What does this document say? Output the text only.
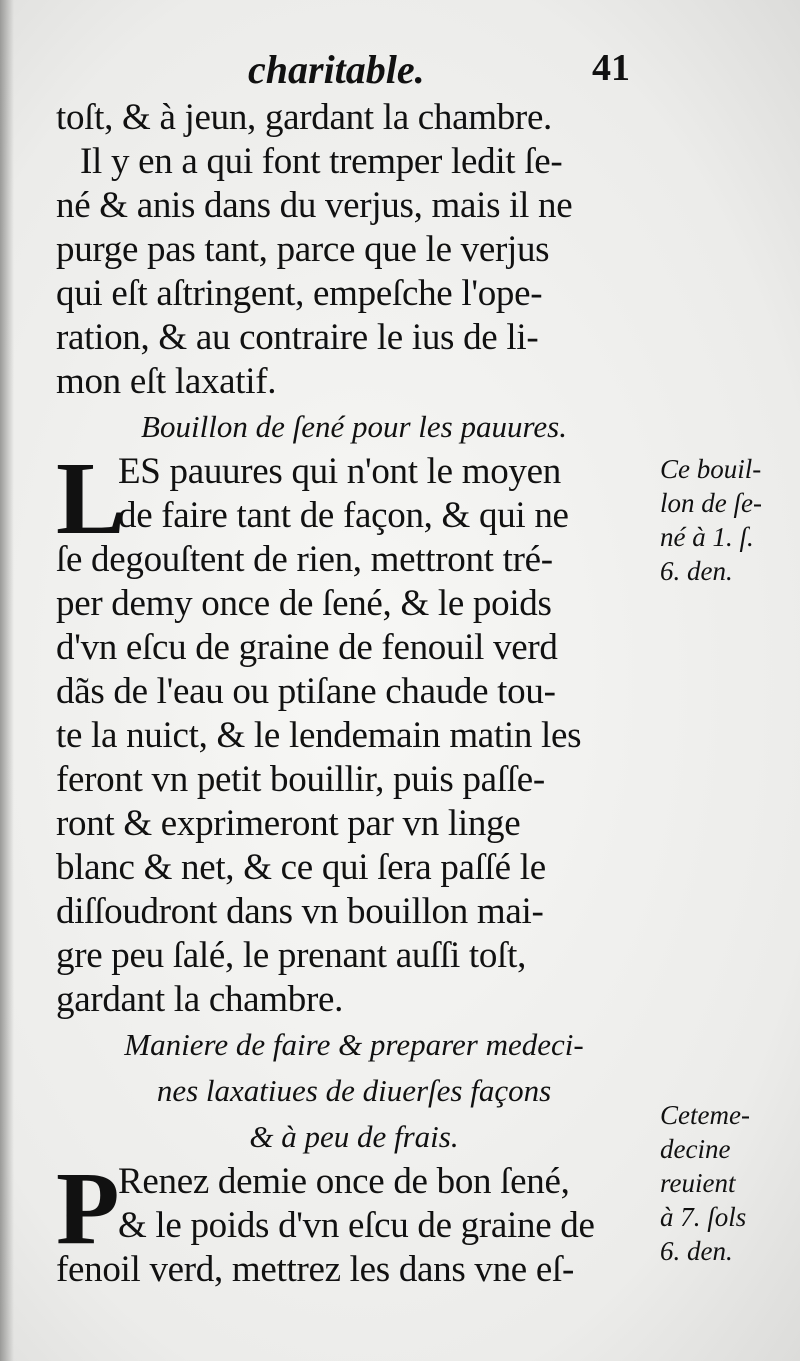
charitable.	41
toſt, & à jeun, gardant la chambre.
Il y en a qui font tremper ledit ſe-
né & anis dans du verjus, mais il ne
purge pas tant, parce que le verjus
qui eſt aſtringent, empeſche l'ope-
ration, & au contraire le ius de li-
mon eſt laxatif.
Bouillon de ſené pour les pauures.
L
ES pauures qui n'ont le moyen
de faire tant de façon, & qui ne
ſe degouſtent de rien, mettront tré-
per demy once de ſené, & le poids
d'vn eſcu de graine de fenouil verd
dãs de l'eau ou ptiſane chaude tou-
te la nuict, & le lendemain matin les
feront vn petit bouillir, puis paſſe-
ront & exprimeront par vn linge
blanc & net, & ce qui ſera paſſé le
diſſoudront dans vn bouillon mai-
gre peu ſalé, le prenant auſſi toſt,
gardant la chambre.
Maniere de faire & preparer medeci-
nes laxatiues de diuerſes façons
& à peu de frais.
P
Renez demie once de bon ſené,
& le poids d'vn eſcu de graine de
fenoil verd, mettrez les dans vne eſ-
Ce bouil-
lon de ſe-
né à 1. ſ.
6. den.
Ceteme-
decine
reuient
à 7. ſols
6. den.
